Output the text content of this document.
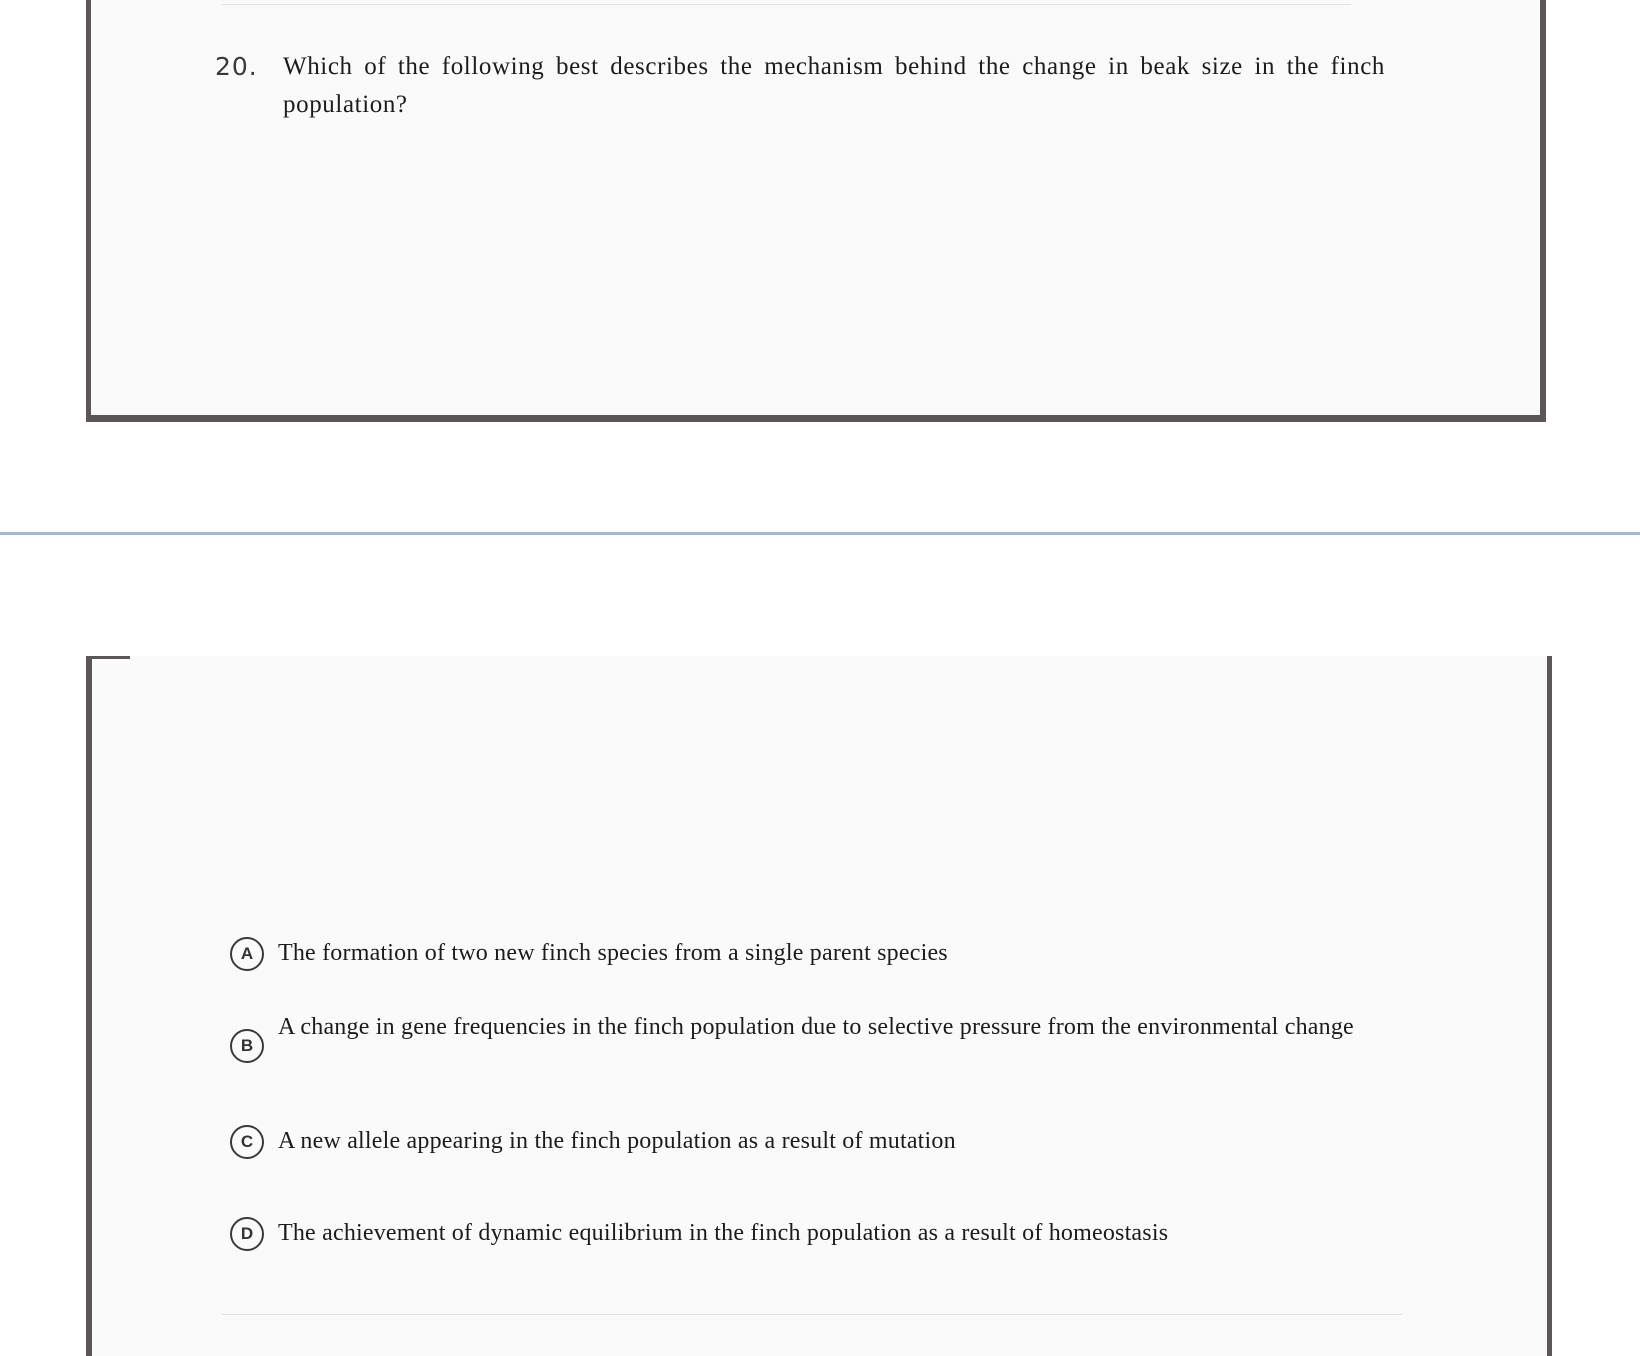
20. Which of the following best describes the mechanism behind the change in beak size in the finch population?
A	The formation of two new finch species from a single parent species
B
A change in gene frequencies in the finch population due to selective pressure from the environmental change
C	A new allele appearing in the finch population as a result of mutation
D	The achievement of dynamic equilibrium in the finch population as a result of homeostasis
